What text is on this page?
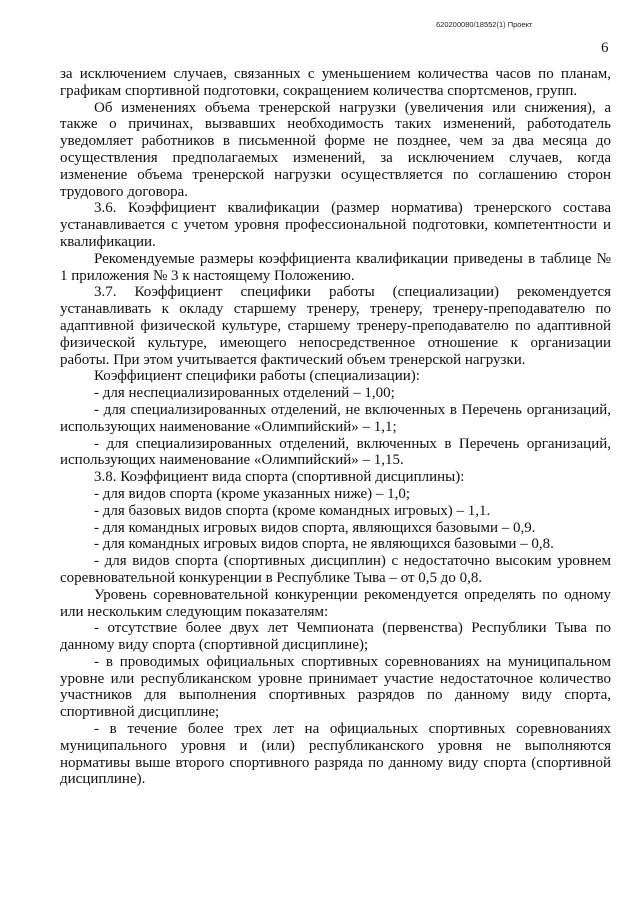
620200080/18552(1) Проект
6

за исключением случаев, связанных с уменьшением количества часов по планам, графикам спортивной подготовки, сокращением количества спортсменов, групп.

Об изменениях объема тренерской нагрузки (увеличения или снижения), а также о причинах, вызвавших необходимость таких изменений, работодатель уведомляет работников в письменной форме не позднее, чем за два месяца до осуществления предполагаемых изменений, за исключением случаев, когда изменение объема тренерской нагрузки осуществляется по соглашению сторон трудового договора.

3.6. Коэффициент квалификации (размер норматива) тренерского состава устанавливается с учетом уровня профессиональной подготовки, компетентности и квалификации.

Рекомендуемые размеры коэффициента квалификации приведены в таблице № 1 приложения № 3 к настоящему Положению.

3.7. Коэффициент специфики работы (специализации) рекомендуется устанавливать к окладу старшему тренеру, тренеру, тренеру-преподавателю по адаптивной физической культуре, старшему тренеру-преподавателю по адаптивной физической культуре, имеющего непосредственное отношение к организации работы. При этом учитывается фактический объем тренерской нагрузки.

Коэффициент специфики работы (специализации):

- для неспециализированных отделений – 1,00;

- для специализированных отделений, не включенных в Перечень организаций, использующих наименование «Олимпийский» – 1,1;

- для специализированных отделений, включенных в Перечень организаций, использующих наименование «Олимпийский» – 1,15.

3.8. Коэффициент вида спорта (спортивной дисциплины):

- для видов спорта (кроме указанных ниже) – 1,0;

- для базовых видов спорта (кроме командных игровых) – 1,1.

- для командных игровых видов спорта, являющихся базовыми – 0,9.

- для командных игровых видов спорта, не являющихся базовыми – 0,8.

- для видов спорта (спортивных дисциплин) с недостаточно высоким уровнем соревновательной конкуренции в Республике Тыва – от 0,5 до 0,8.

Уровень соревновательной конкуренции рекомендуется определять по одному или нескольким следующим показателям:

- отсутствие более двух лет Чемпионата (первенства) Республики Тыва по данному виду спорта (спортивной дисциплине);

- в проводимых официальных спортивных соревнованиях на муниципальном уровне или республиканском уровне принимает участие недостаточное количество участников для выполнения спортивных разрядов по данному виду спорта, спортивной дисциплине;

- в течение более трех лет на официальных спортивных соревнованиях муниципального уровня и (или) республиканского уровня не выполняются нормативы выше второго спортивного разряда по данному виду спорта (спортивной дисциплине).
